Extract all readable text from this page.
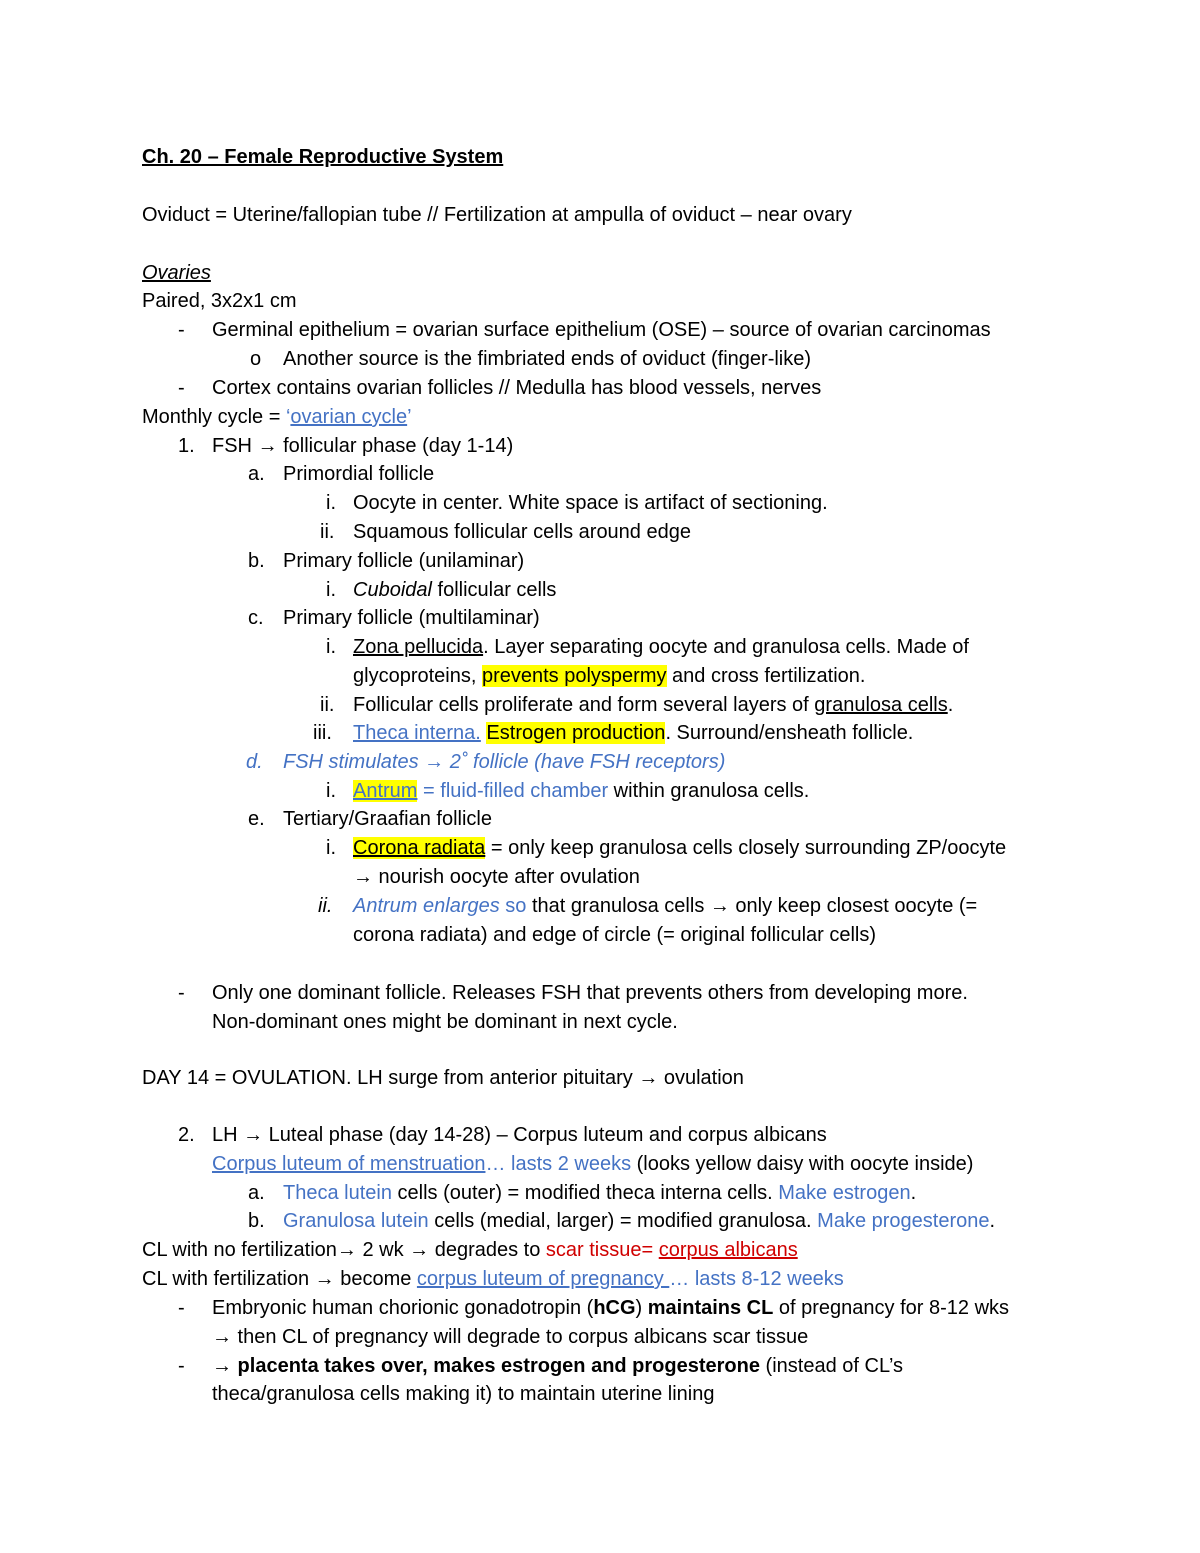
Ch. 20 – Female Reproductive System
Oviduct = Uterine/fallopian tube // Fertilization at ampulla of oviduct – near ovary
Ovaries
Paired, 3x2x1 cm
- Germinal epithelium = ovarian surface epithelium (OSE) – source of ovarian carcinomas
o Another source is the fimbriated ends of oviduct (finger-like)
- Cortex contains ovarian follicles // Medulla has blood vessels, nerves
Monthly cycle = ‘ovarian cycle’
1. FSH → follicular phase (day 1-14)
a. Primordial follicle
i. Oocyte in center. White space is artifact of sectioning.
ii. Squamous follicular cells around edge
b. Primary follicle (unilaminar)
i. Cuboidal follicular cells
c. Primary follicle (multilaminar)
i. Zona pellucida. Layer separating oocyte and granulosa cells. Made of
glycoproteins, prevents polyspermy and cross fertilization.
ii. Follicular cells proliferate and form several layers of granulosa cells.
iii. Theca interna. Estrogen production. Surround/ensheath follicle.
d. FSH stimulates → 2˚ follicle (have FSH receptors)
i. Antrum = fluid-filled chamber within granulosa cells.
e. Tertiary/Graafian follicle
i. Corona radiata = only keep granulosa cells closely surrounding ZP/oocyte
→ nourish oocyte after ovulation
ii. Antrum enlarges so that granulosa cells → only keep closest oocyte (=
corona radiata) and edge of circle (= original follicular cells)
- Only one dominant follicle. Releases FSH that prevents others from developing more.
Non-dominant ones might be dominant in next cycle.
DAY 14 = OVULATION. LH surge from anterior pituitary → ovulation
2. LH → Luteal phase (day 14-28) – Corpus luteum and corpus albicans
Corpus luteum of menstruation… lasts 2 weeks (looks yellow daisy with oocyte inside)
a. Theca lutein cells (outer) = modified theca interna cells. Make estrogen.
b. Granulosa lutein cells (medial, larger) = modified granulosa. Make progesterone.
CL with no fertilization→ 2 wk → degrades to scar tissue= corpus albicans
CL with fertilization → become corpus luteum of pregnancy … lasts 8-12 weeks
- Embryonic human chorionic gonadotropin (hCG) maintains CL of pregnancy for 8-12 wks
→ then CL of pregnancy will degrade to corpus albicans scar tissue
- → placenta takes over, makes estrogen and progesterone (instead of CL’s
theca/granulosa cells making it) to maintain uterine lining
